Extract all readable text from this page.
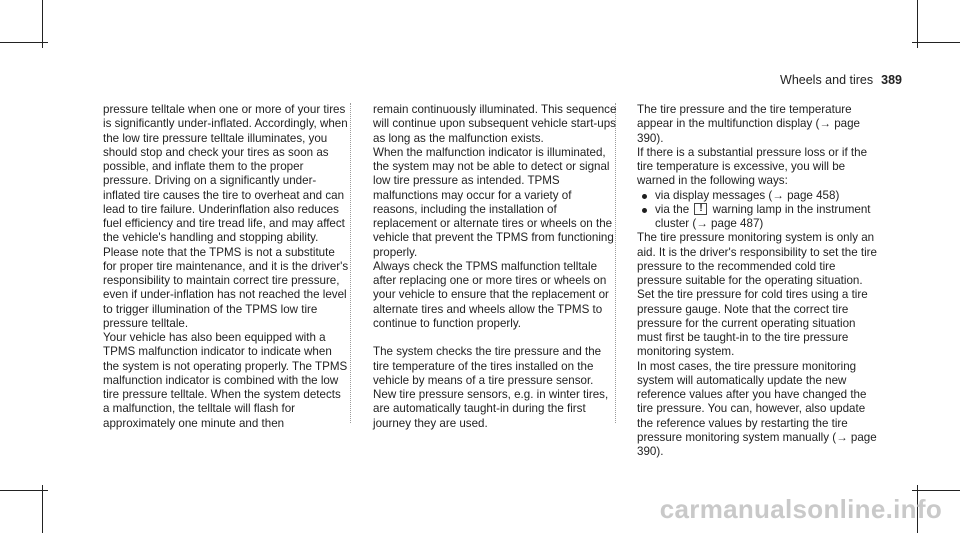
Wheels and tires 389

pressure telltale when one or more of your tires is significantly under-inflated. Accordingly, when the low tire pressure telltale illuminates, you should stop and check your tires as soon as possible, and inflate them to the proper pressure. Driving on a significantly under-inflated tire causes the tire to overheat and can lead to tire failure. Underinflation also reduces fuel efficiency and tire tread life, and may affect the vehicle's handling and stopping ability.

Please note that the TPMS is not a substitute for proper tire maintenance, and it is the driver's responsibility to maintain correct tire pressure, even if under-inflation has not reached the level to trigger illumination of the TPMS low tire pressure telltale.

Your vehicle has also been equipped with a TPMS malfunction indicator to indicate when the system is not operating properly. The TPMS malfunction indicator is combined with the low tire pressure telltale. When the system detects a malfunction, the telltale will flash for approximately one minute and then

remain continuously illuminated. This sequence will continue upon subsequent vehicle start-ups as long as the malfunction exists.

When the malfunction indicator is illuminated, the system may not be able to detect or signal low tire pressure as intended. TPMS malfunctions may occur for a variety of reasons, including the installation of replacement or alternate tires or wheels on the vehicle that prevent the TPMS from functioning properly.

Always check the TPMS malfunction telltale after replacing one or more tires or wheels on your vehicle to ensure that the replacement or alternate tires and wheels allow the TPMS to continue to function properly.

The system checks the tire pressure and the tire temperature of the tires installed on the vehicle by means of a tire pressure sensor.

New tire pressure sensors, e.g. in winter tires, are automatically taught-in during the first journey they are used.

The tire pressure and the tire temperature appear in the multifunction display (→ page 390).

If there is a substantial pressure loss or if the tire temperature is excessive, you will be warned in the following ways:

via display messages (→ page 458)
via the ! warning lamp in the instrument cluster (→ page 487)

The tire pressure monitoring system is only an aid. It is the driver's responsibility to set the tire pressure to the recommended cold tire pressure suitable for the operating situation. Set the tire pressure for cold tires using a tire pressure gauge. Note that the correct tire pressure for the current operating situation must first be taught-in to the tire pressure monitoring system.

In most cases, the tire pressure monitoring system will automatically update the new reference values after you have changed the tire pressure. You can, however, also update the reference values by restarting the tire pressure monitoring system manually (→ page 390).

carmanualsonline.info
